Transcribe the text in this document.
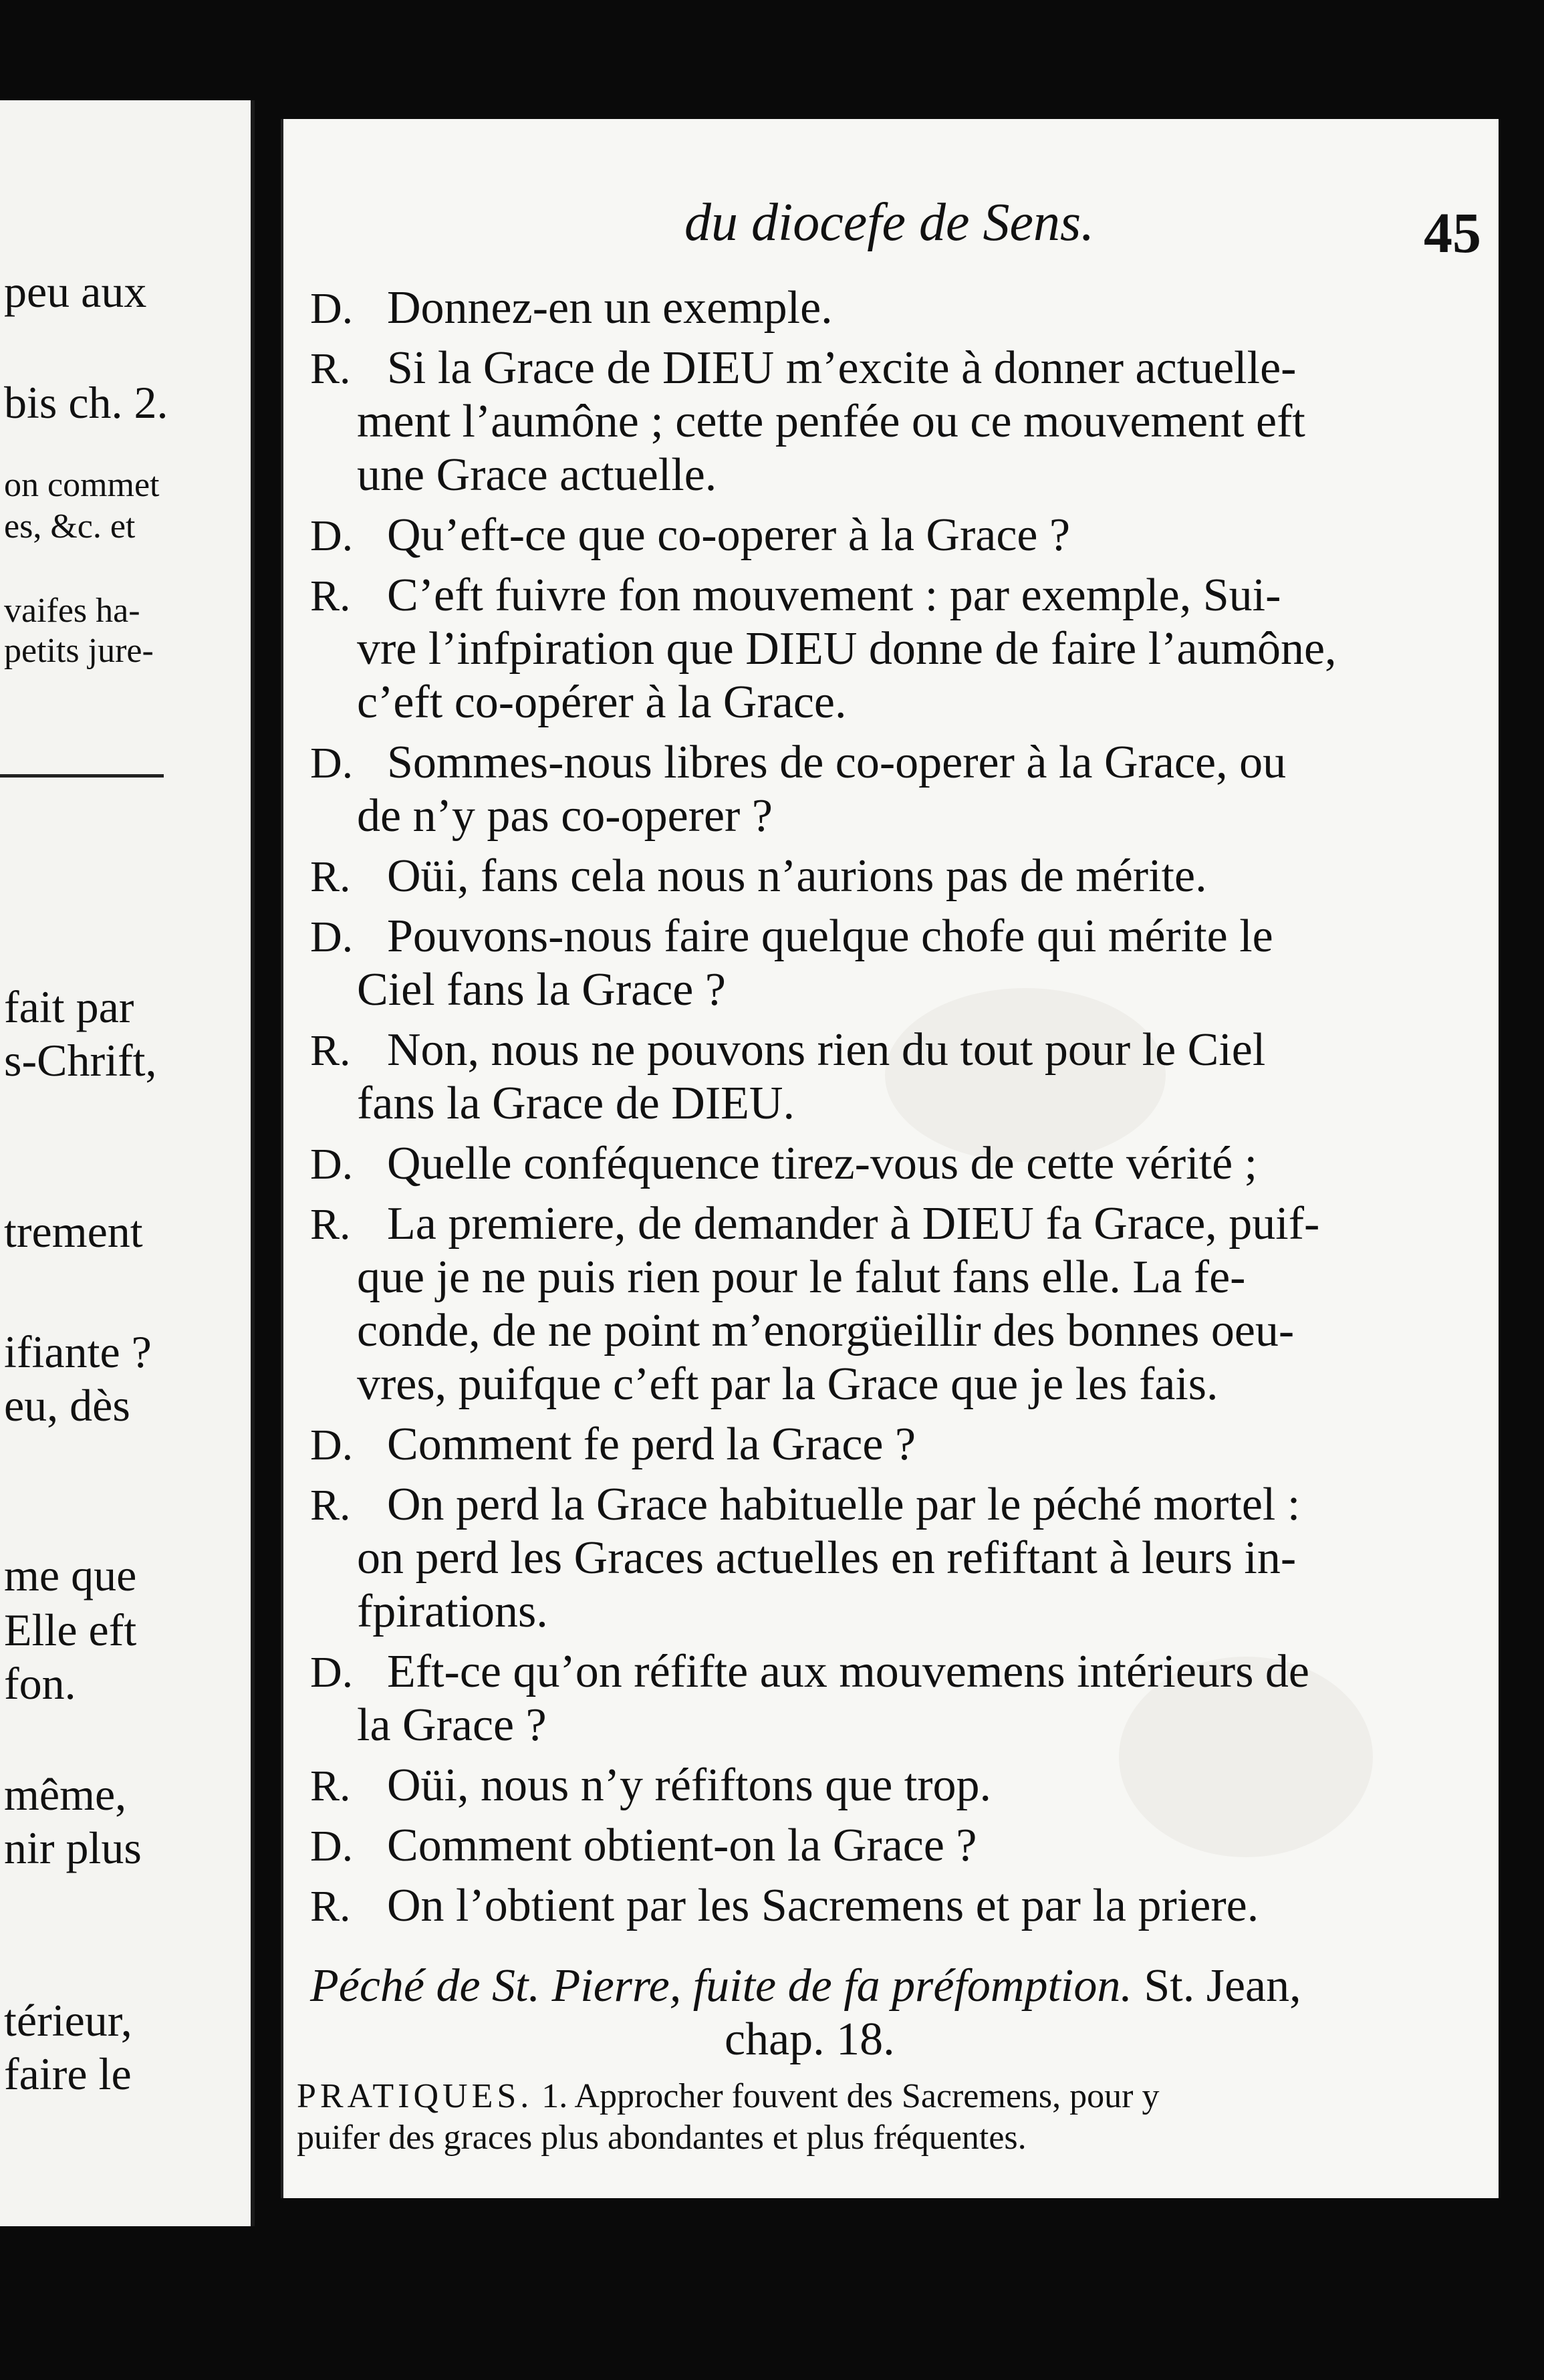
peu aux
bis ch. 2.
on commet
es, &c. et
vaifes ha-
petits jure-
fait par
s-Chrift,
trement
ifiante ?
eu, dès
me que
Elle eft
fon.
même,
nir plus
térieur,
faire le
du diocefe de Sens.	45
D. Donnez-en un exemple.
R. Si la Grace de DIEU m’excite à donner actuelle-
ment l’aumône ; cette penfée ou ce mouvement eft
une Grace actuelle.
D. Qu’eft-ce que co-operer à la Grace ?
R. C’eft fuivre fon mouvement : par exemple, Sui-
vre l’infpiration que DIEU donne de faire l’aumône,
c’eft co-opérer à la Grace.
D. Sommes-nous libres de co-operer à la Grace, ou
de n’y pas co-operer ?
R. Oüi, fans cela nous n’aurions pas de mérite.
D. Pouvons-nous faire quelque chofe qui mérite le
Ciel fans la Grace ?
R. Non, nous ne pouvons rien du tout pour le Ciel
fans la Grace de DIEU.
D. Quelle conféquence tirez-vous de cette vérité ;
R. La premiere, de demander à DIEU fa Grace, puif-
que je ne puis rien pour le falut fans elle. La fe-
conde, de ne point m’enorgüeillir des bonnes oeu-
vres, puifque c’eft par la Grace que je les fais.
D. Comment fe perd la Grace ?
R. On perd la Grace habituelle par le péché mortel :
on perd les Graces actuelles en refiftant à leurs in-
fpirations.
D. Eft-ce qu’on réfifte aux mouvemens intérieurs de
la Grace ?
R. Oüi, nous n’y réfiftons que trop.
D. Comment obtient-on la Grace ?
R. On l’obtient par les Sacremens et par la priere.
Péché de St. Pierre, fuite de fa préfomption. St. Jean,
chap. 18.
PRATIQUES. 1. Approcher fouvent des Sacremens, pour y
puifer des graces plus abondantes et plus fréquentes.
